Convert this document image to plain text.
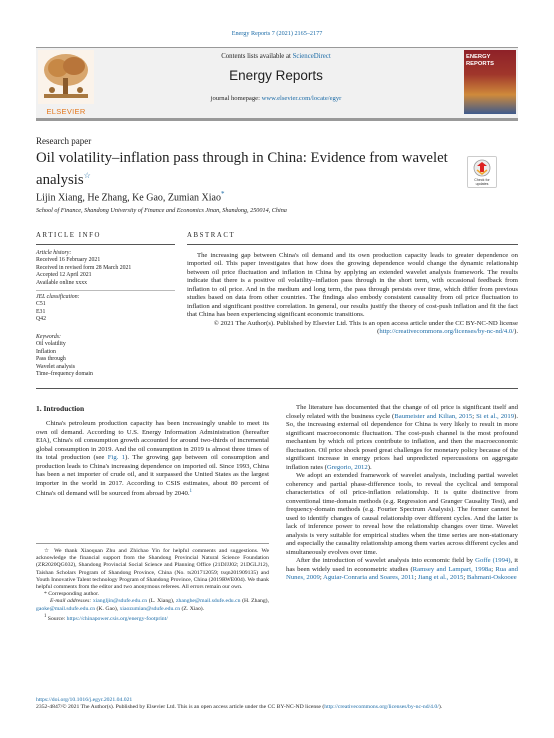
Energy Reports 7 (2021) 2165–2177
ELSEVIER
Contents lists available at ScienceDirect
Energy Reports
journal homepage: www.elsevier.com/locate/egyr
ENERGY
REPORTS
Research paper
Oil volatility–inflation pass through in China: Evidence from wavelet analysis☆	Check for
updates
Lijin Xiang, He Zhang, Ke Gao, Zumian Xiao*
School of Finance, Shandong University of Finance and Economics Jinan, Shandong, 250014, China
ARTICLE INFO
Article history:
Received 16 February 2021
Received in revised form 28 March 2021
Accepted 12 April 2021
Available online xxxx
JEL classification:
C51
E31
Q42
Keywords:
Oil volatility
Inflation
Pass through
Wavelet analysis
Time–frequency domain
ABSTRACT

The increasing gap between China's oil demand and its own production capacity leads to greater dependence on imported oil. This paper investigates that how does the growing dependence would change the dynamic relationship between oil price fluctuation and inflation in China by applying an extended wavelet analysis framework. The results indicate that there is a positive oil volatility–inflation pass through in the short term, with occasional feedback from inflation to oil price. And in the medium and long term, the pass through persists over time, which differ from previous studies based on data from other countries. The findings also embody consistent causality from oil price fluctuation to inflation and significant positive correlation. In general, our results justify the theory of cost-push inflation and fit the fact that China has been experiencing significant economic transitions.

© 2021 The Author(s). Published by Elsevier Ltd. This is an open access article under the CC BY-NC-ND license (http://creativecommons.org/licenses/by-nc-nd/4.0/).

1. Introduction
China's petroleum production capacity has been increasingly unable to meet its own oil demand. According to U.S. Energy Information Administration (hereafter EIA), China's oil consumption growth accounted for around two-thirds of incremental global consumption in 2019. And the oil consumption in 2019 is almost three times of its total production (see Fig. 1). The growing gap between oil consumption and production leads to China's increasing dependence on imported oil. Since 1993, China has been a net importer of crude oil, and it surpassed the United States as the largest importer in the world in 2017. According to CSIS estimates, about 80 percent of China's oil demand will be sourced from abroad by 2040.$^1$

☆ We thank Xiaoquan Zhu and Zhichao Yin for helpful comments and suggestions. We acknowledge the financial support from the Shandong Provincial Natural Science Foundation (ZR2020QG032), Shandong Provincial Social Science and Planning Office (21DJJJ02; 21DGLJ12), Taishan Scholars Program of Shandong Province, China (No. ts201712059; tsqn201909135) and Youth Innovative Talent technology Program of Shandong Province, China (2019RWE004). We thank helpful comments from the editor and two anonymous referees. All errors remain our own.

* Corresponding author.

E-mail addresses: xiangljin@sdufe.edu.cn (L. Xiang), zhanghe@mail.sdufe.edu.cn (H. Zhang), gaoke@mail.sdufe.edu.cn (K. Gao), xiaozumian@sdufe.edu.cn (Z. Xiao).

$^1$ Source: https://chinapower.csis.org/energy-footprint/

The literature has documented that the change of oil price is significant itself and closely related with the business cycle (Baumeister and Kilian, 2015; Si et al., 2019). So, the increasing external oil dependence for China is very likely to result in more significant macroeconomic fluctuation. The cost-push channel is the most profound mechanism by which oil prices contribute to inflation, and then the macroeconomic fluctuation. Oil price shock posed great challenges for monetary policy because of the significant increase in energy prices had unpredicted repercussions on aggregate inflation rates (Gregorio, 2012).

We adopt an extended framework of wavelet analysis, including partial wavelet coherency and partial phase-difference tools, to reveal the cyclical and temporal characteristics of oil price-inflation relationship. It is quite distinctive from conventional time-domain methods (e.g. Regression and Granger Causality Test), and frequency-domain methods (e.g. Fourier Spectrum Analysis). The former cannot be used to identify changes of causal relationship over different cycles. And the latter is lack of inference power to reveal how the relationship changes over time. Wavelet analysis is very suitable for empirical studies when the time series are non-stationary and especially the causality relationship among them varies across different cycles and simultaneously evolves over time.

After the introduction of wavelet analysis into economic field by Goffe (1994), it has been widely used in econometric studies (Ramsey and Lampart, 1998a; Rua and Nunes, 2009; Aguiar-Conraria and Soares, 2011; Jiang et al., 2015; Bahmani-Oskooee

https://doi.org/10.1016/j.egyr.2021.04.021
2352-4847/© 2021 The Author(s). Published by Elsevier Ltd. This is an open access article under the CC BY-NC-ND license (http://creativecommons.org/licenses/by-nc-nd/4.0/).
